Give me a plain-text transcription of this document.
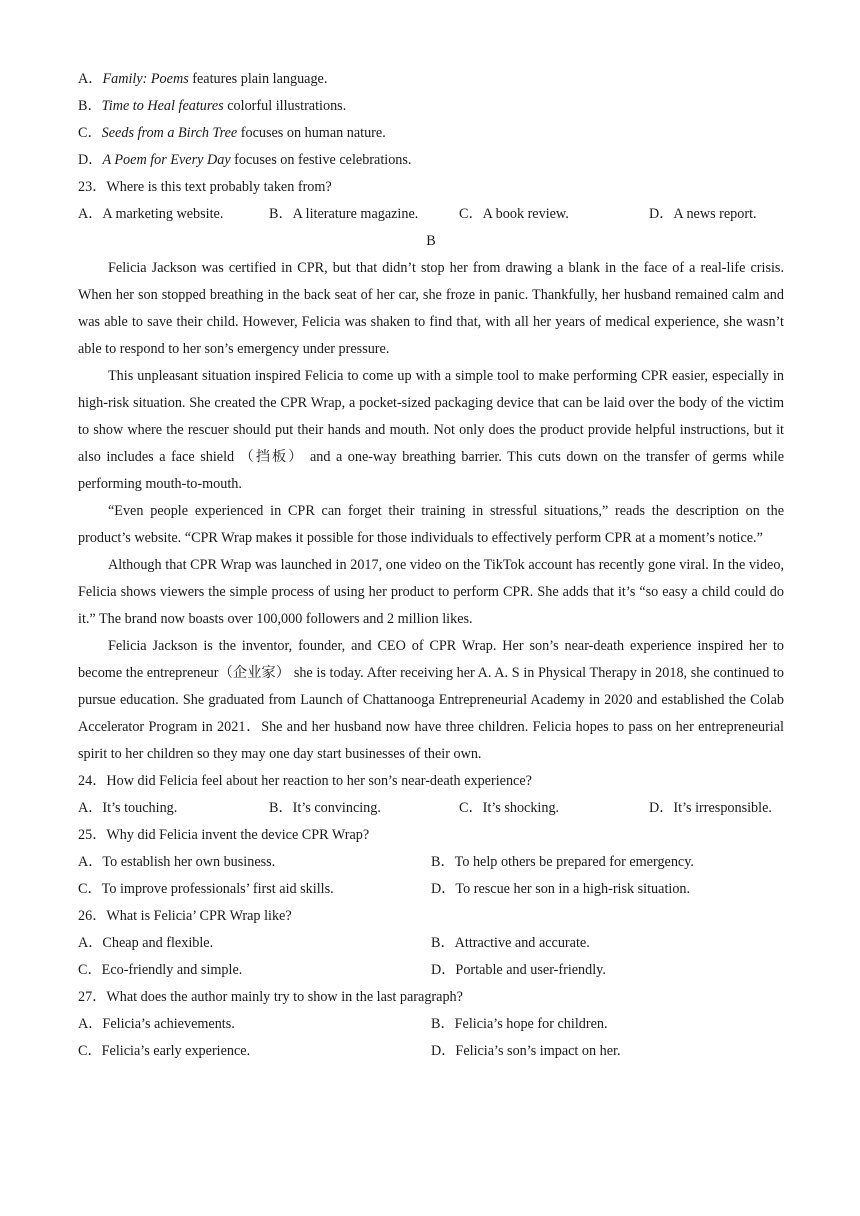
A．Family: Poems features plain language.
B．Time to Heal features colorful illustrations.
C．Seeds from a Birch Tree focuses on human nature.
D．A Poem for Every Day focuses on festive celebrations.
23．Where is this text probably taken from?
A．A marketing website.	B．A literature magazine.	C．A book review.	D．A news report.
B

Felicia Jackson was certified in CPR, but that didn’t stop her from drawing a blank in the face of a real-life crisis. When her son stopped breathing in the back seat of her car, she froze in panic. Thankfully, her husband remained calm and was able to save their child. However, Felicia was shaken to find that, with all her years of medical experience, she wasn’t able to respond to her son’s emergency under pressure.

This unpleasant situation inspired Felicia to come up with a simple tool to make performing CPR easier, especially in high-risk situation. She created the CPR Wrap, a pocket-sized packaging device that can be laid over the body of the victim to show where the rescuer should put their hands and mouth. Not only does the product provide helpful instructions, but it also includes a face shield （挡板） and a one-way breathing barrier. This cuts down on the transfer of germs while performing mouth-to-mouth.

“Even people experienced in CPR can forget their training in stressful situations,” reads the description on the product’s website. “CPR Wrap makes it possible for those individuals to effectively perform CPR at a moment’s notice.”

Although that CPR Wrap was launched in 2017, one video on the TikTok account has recently gone viral. In the video, Felicia shows viewers the simple process of using her product to perform CPR. She adds that it’s “so easy a child could do it.” The brand now boasts over 100,000 followers and 2 million likes.

Felicia Jackson is the inventor, founder, and CEO of CPR Wrap. Her son’s near-death experience inspired her to become the entrepreneur（企业家） she is today. After receiving her A. A. S in Physical Therapy in 2018, she continued to pursue education. She graduated from Launch of Chattanooga Entrepreneurial Academy in 2020 and established the Colab Accelerator Program in 2021．She and her husband now have three children. Felicia hopes to pass on her entrepreneurial spirit to her children so they may one day start businesses of their own.

24．How did Felicia feel about her reaction to her son’s near-death experience?
A．It’s touching.	B．It’s convincing.	C．It’s shocking.	D．It’s irresponsible.
25．Why did Felicia invent the device CPR Wrap?
A．To establish her own business.	B．To help others be prepared for emergency.
C．To improve professionals’ first aid skills.	D．To rescue her son in a high-risk situation.
26．What is Felicia’ CPR Wrap like?
A．Cheap and flexible.	B．Attractive and accurate.
C．Eco-friendly and simple.	D．Portable and user-friendly.
27．What does the author mainly try to show in the last paragraph?
A．Felicia’s achievements.	B．Felicia’s hope for children.
C．Felicia’s early experience.	D．Felicia’s son’s impact on her.
